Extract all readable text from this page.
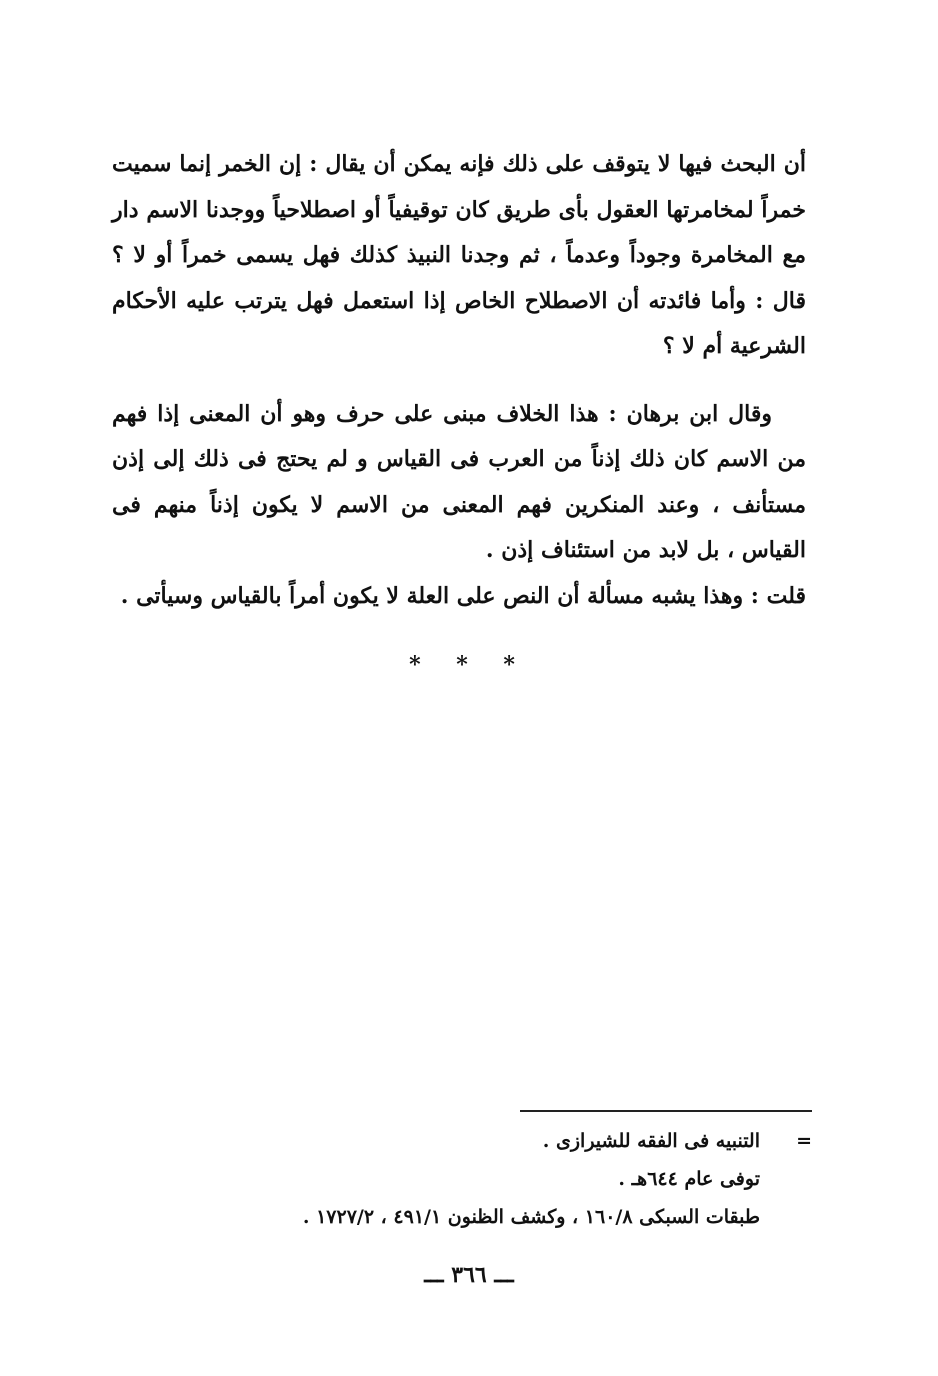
أن البحث فيها لا يتوقف على ذلك فإنه يمكن أن يقال : إن الخمر إنما سميت خمراً لمخامرتها العقول بأى طريق كان توقيفياً أو اصطلاحياً ووجدنا الاسم دار مع المخامرة وجوداً وعدماً ، ثم وجدنا النبيذ كذلك فهل يسمى خمراً أو لا ؟ قال : وأما فائدته أن الاصطلاح الخاص إذا استعمل فهل يترتب عليه الأحكام الشرعية أم لا ؟

وقال ابن برهان : هذا الخلاف مبنى على حرف وهو أن المعنى إذا فهم من الاسم كان ذلك إذناً من العرب فى القياس و لم يحتج فى ذلك إلى إذن مستأنف ، وعند المنكرين فهم المعنى من الاسم لا يكون إذناً منهم فى القياس ، بل لابد من استئناف إذن .

قلت : وهذا يشبه مسألة أن النص على العلة لا يكون أمراً بالقياس وسيأتى .

* * *
=
التنبيه فى الفقه للشيرازى .
توفى عام ٦٤٤هـ .
طبقات السبكى ١٦٠/٨ ، وكشف الظنون ٤٩١/١ ، ١٧٢٧/٢ .
ـــ ٣٦٦ ـــ
